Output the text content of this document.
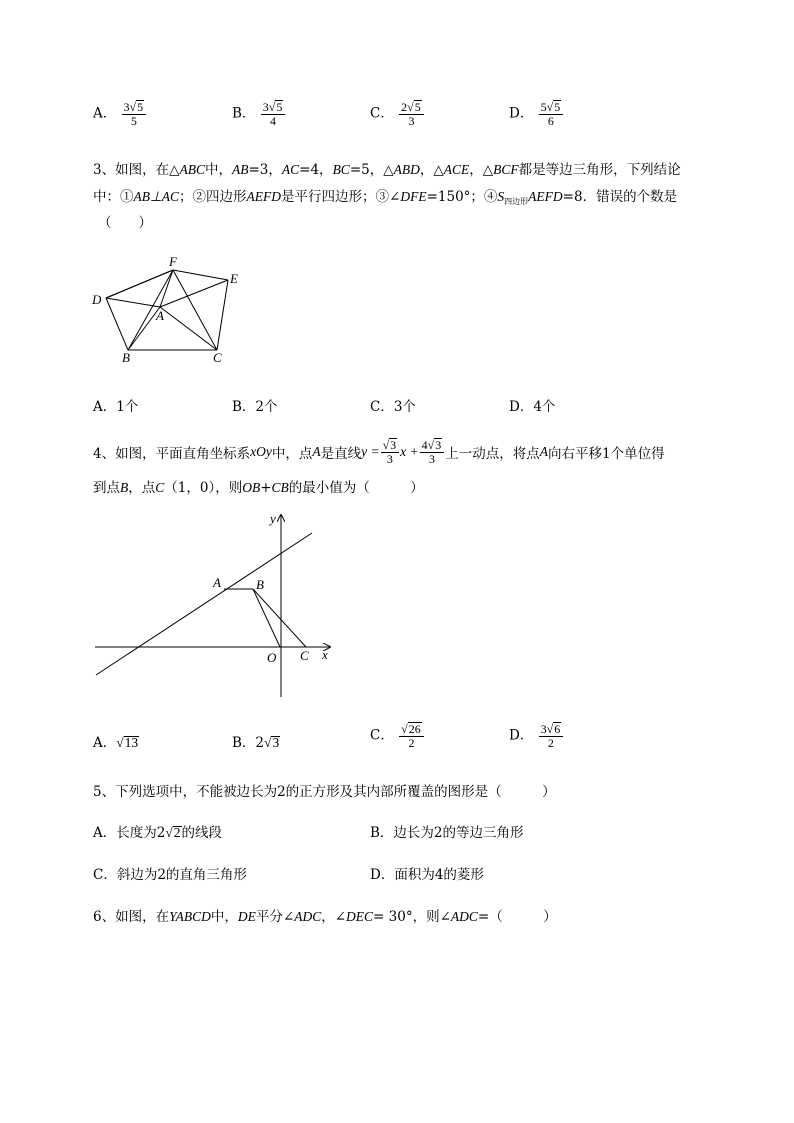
A． $\frac{3√5}{5}$	B． $\frac{3√5}{4}$	C． $\frac{2√5}{3}$	D． $\frac{5√5}{6}$
3、如图，在△ABC中，AB=3，AC=4，BC=5，△ABD，△ACE，△BCF都是等边三角形，下列结论
中：①AB⊥AC；②四边形AEFD是平行四边形；③∠DFE=150°；$④S_{四边形}AEFD=8$．错误的个数是
（　　）
F
E
D
A
B	C
A．1个	B．2个	C．3个	D．4个
4、如图，平面直角坐标系 xOy 中，点 A 是直线 $y = \frac{√3}{3}$ $x + \frac{4√3}{3}$ 上一动点，将点 A 向右平移1个单位得
到点B，点C（1，0），则OB+CB的最小值为（　　　）
y
A	B
O C x
A．√13	B．2√3	C． $\frac{√26}{2}$	D． $\frac{3√6}{2}$
5、下列选项中，不能被边长为2的正方形及其内部所覆盖的图形是（　　　）
A．长度为2√2的线段	B．边长为2的等边三角形
C．斜边为2的直角三角形	D．面积为4的菱形
6、如图，在YABCD中，DE平分∠ADC，∠DEC= 30°，则∠ADC=（　　　）
